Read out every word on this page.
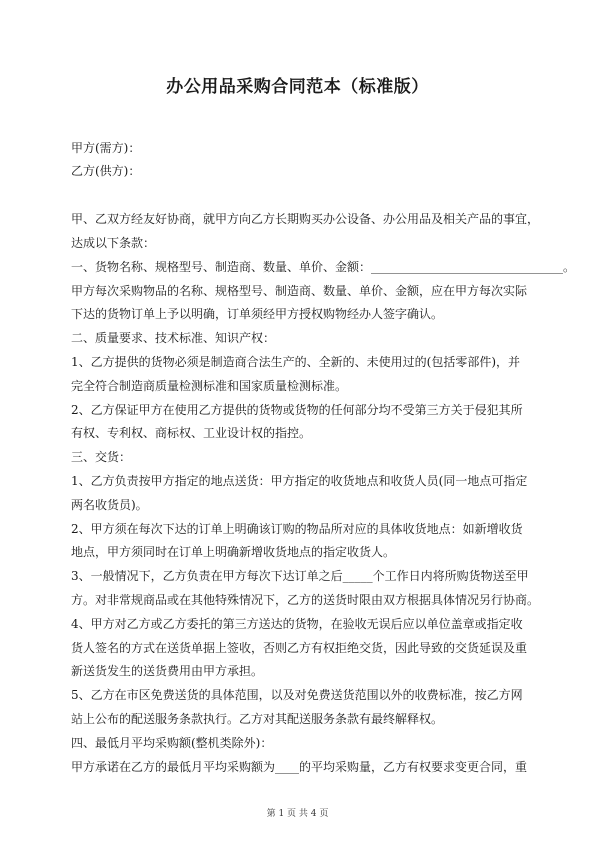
办公用品采购合同范本（标准版）
甲方(需方)：
乙方(供方)：
甲、乙双方经友好协商，就甲方向乙方长期购买办公设备、办公用品及相关产品的事宜，
达成以下条款：
一、货物名称、规格型号、制造商、数量、单价、金额：________________________________。
甲方每次采购物品的名称、规格型号、制造商、数量、单价、金额，应在甲方每次实际
下达的货物订单上予以明确，订单须经甲方授权购物经办人签字确认。
二、质量要求、技术标准、知识产权：
1、乙方提供的货物必须是制造商合法生产的、全新的、未使用过的(包括零部件)，并
完全符合制造商质量检测标准和国家质量检测标准。
2、乙方保证甲方在使用乙方提供的货物或货物的任何部分均不受第三方关于侵犯其所
有权、专利权、商标权、工业设计权的指控。
三、交货：
1、乙方负责按甲方指定的地点送货：甲方指定的收货地点和收货人员(同一地点可指定
两名收货员)。
2、甲方须在每次下达的订单上明确该订购的物品所对应的具体收货地点：如新增收货
地点，甲方须同时在订单上明确新增收货地点的指定收货人。
3、一般情况下，乙方负责在甲方每次下达订单之后_____个工作日内将所购货物送至甲
方。对非常规商品或在其他特殊情况下，乙方的送货时限由双方根据具体情况另行协商。
4、甲方对乙方或乙方委托的第三方送达的货物，在验收无误后应以单位盖章或指定收
货人签名的方式在送货单据上签收，否则乙方有权拒绝交货，因此导致的交货延误及重
新送货发生的送货费用由甲方承担。
5、乙方在市区免费送货的具体范围，以及对免费送货范围以外的收费标准，按乙方网
站上公布的配送服务条款执行。乙方对其配送服务条款有最终解释权。
四、最低月平均采购额(整机类除外)：
甲方承诺在乙方的最低月平均采购额为____的平均采购量，乙方有权要求变更合同，重
第 1 页 共 4 页
